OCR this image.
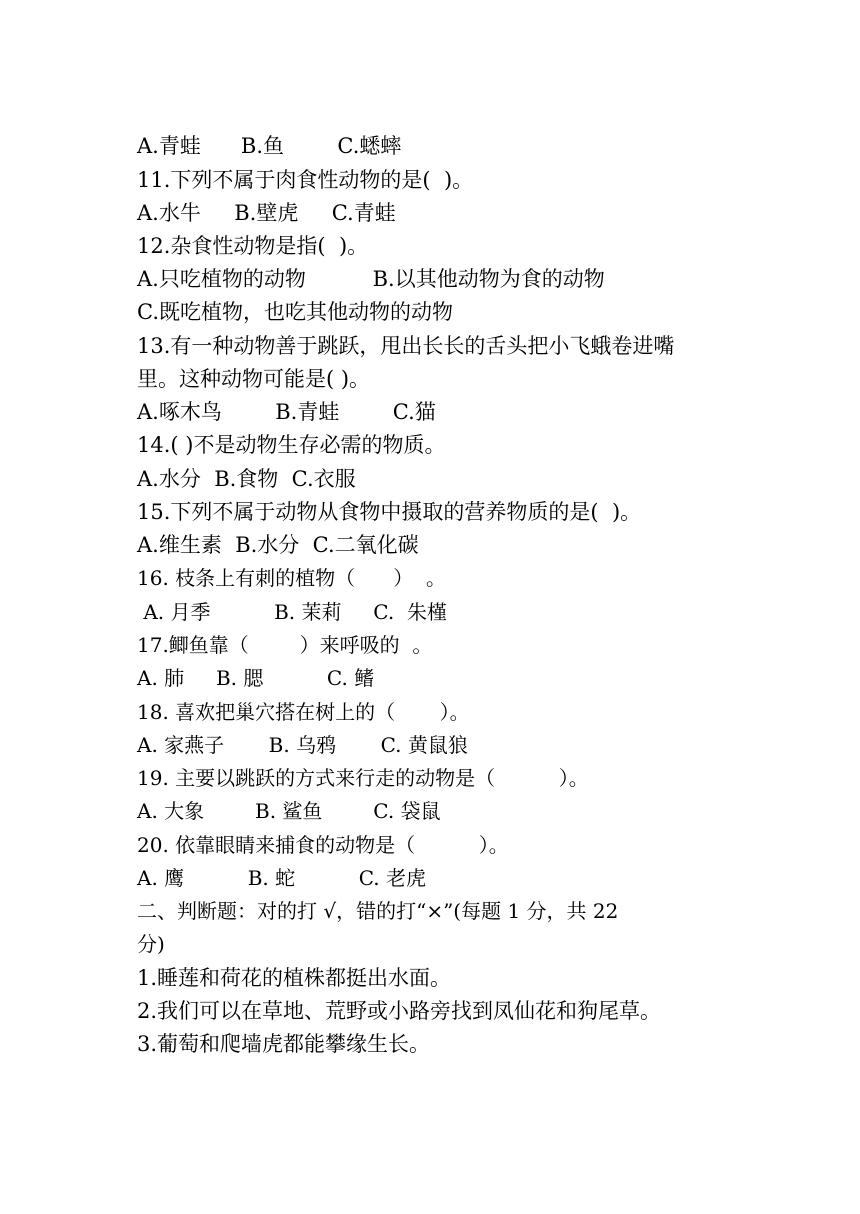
A.青蛙      B.鱼        C.蟋蟀
11.下列不属于肉食性动物的是(  )。
A.水牛     B.壁虎     C.青蛙
12.杂食性动物是指(  )。
A.只吃植物的动物          B.以其他动物为食的动物
C.既吃植物，也吃其他动物的动物
13.有一种动物善于跳跃，甩出长长的舌头把小飞蛾卷进嘴
里。这种动物可能是( )。
A.啄木鸟        B.青蛙        C.猫
14.( )不是动物生存必需的物质。
A.水分  B.食物  C.衣服
15.下列不属于动物从食物中摄取的营养物质的是(  )。
A.维生素  B.水分  C.二氧化碳
16. 枝条上有刺的植物（      ）  。
A. 月季          B. 茉莉     C.  朱槿
17.鲫鱼靠（        ）来呼吸的  。
A. 肺     B. 腮          C. 鳍
18. 喜欢把巢穴搭在树上的（       ）。
A. 家燕子       B. 乌鸦       C. 黄鼠狼
19. 主要以跳跃的方式来行走的动物是（          ）。
A. 大象        B. 鲨鱼        C. 袋鼠
20. 依靠眼睛来捕食的动物是（          ）。
A. 鹰          B. 蛇          C. 老虎
二、判断题：对的打 √，错的打“×”(每题 1 分，共 22
分)
1.睡莲和荷花的植株都挺出水面。
2.我们可以在草地、荒野或小路旁找到凤仙花和狗尾草。
3.葡萄和爬墙虎都能攀缘生长。
